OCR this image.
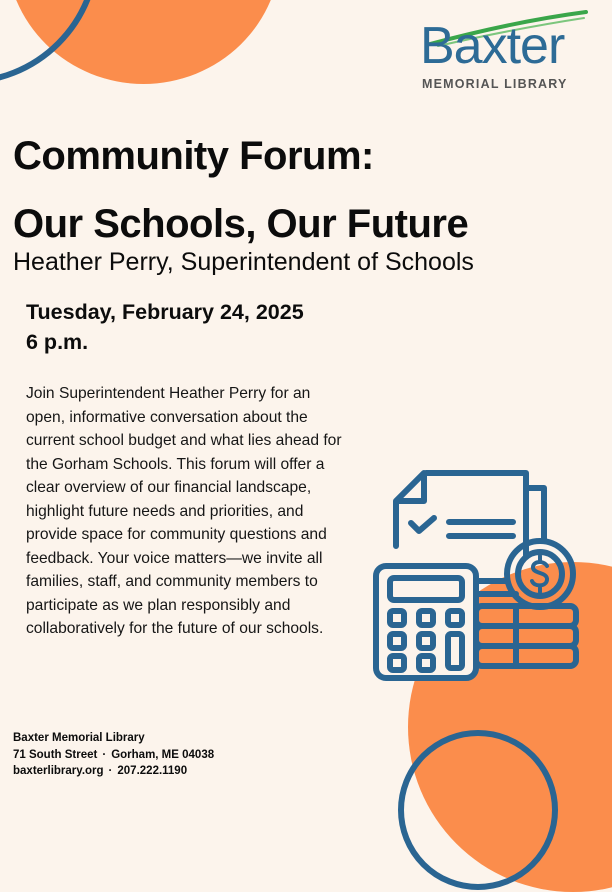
Baxter
MEMORIAL LIBRARY
Community Forum:
Our Schools, Our Future
Heather Perry, Superintendent of Schools
Tuesday, February 24, 2025
6 p.m.
Join Superintendent Heather Perry for an open, informative conversation about the current school budget and what lies ahead for the Gorham Schools. This forum will offer a clear overview of our financial landscape, highlight future needs and priorities, and provide space for community questions and feedback. Your voice matters—we invite all families, staff, and community members to participate as we plan responsibly and collaboratively for the future of our schools.
Baxter Memorial Library
71 South Street · Gorham, ME 04038
baxterlibrary.org · 207.222.1190
